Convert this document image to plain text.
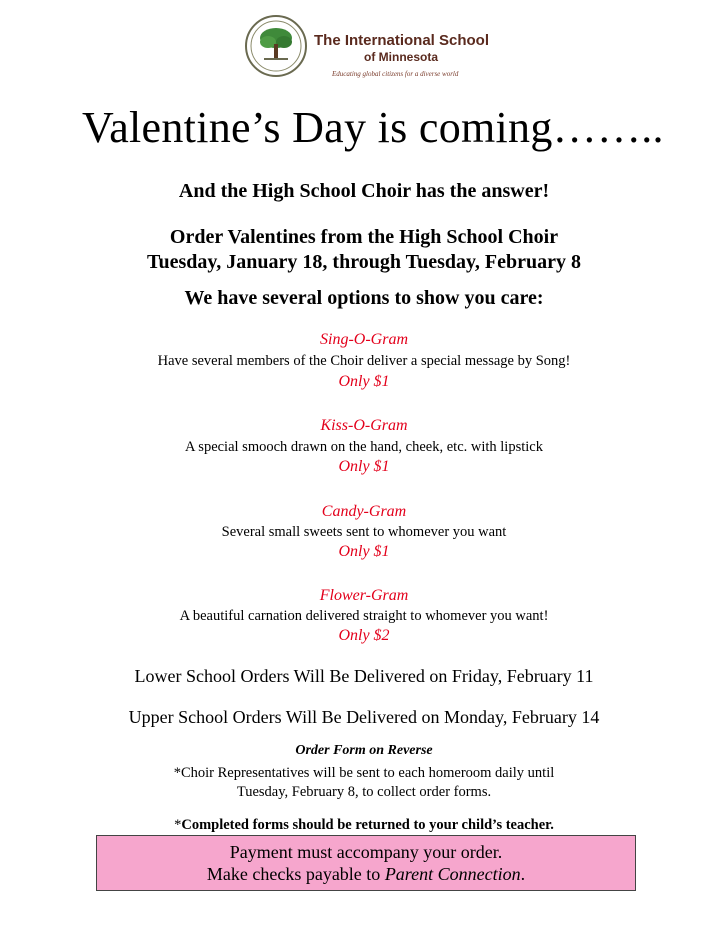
The International School
of Minnesota
Educating global citizens for a diverse world
Valentine’s Day is coming……..
And the High School Choir has the answer!
Order Valentines from the High School Choir
Tuesday, January 18, through Tuesday, February 8
We have several options to show you care:
Sing-O-Gram
Have several members of the Choir deliver a special message by Song!
Only $1
Kiss-O-Gram
A special smooch drawn on the hand, cheek, etc. with lipstick
Only $1
Candy-Gram
Several small sweets sent to whomever you want
Only $1
Flower-Gram
A beautiful carnation delivered straight to whomever you want!
Only $2
Lower School Orders Will Be Delivered on Friday, February 11
Upper School Orders Will Be Delivered on Monday, February 14
Order Form on Reverse
*Choir Representatives will be sent to each homeroom daily until
Tuesday, February 8, to collect order forms.
*Completed forms should be returned to your child’s teacher.
Payment must accompany your order.
Make checks payable to Parent Connection.
